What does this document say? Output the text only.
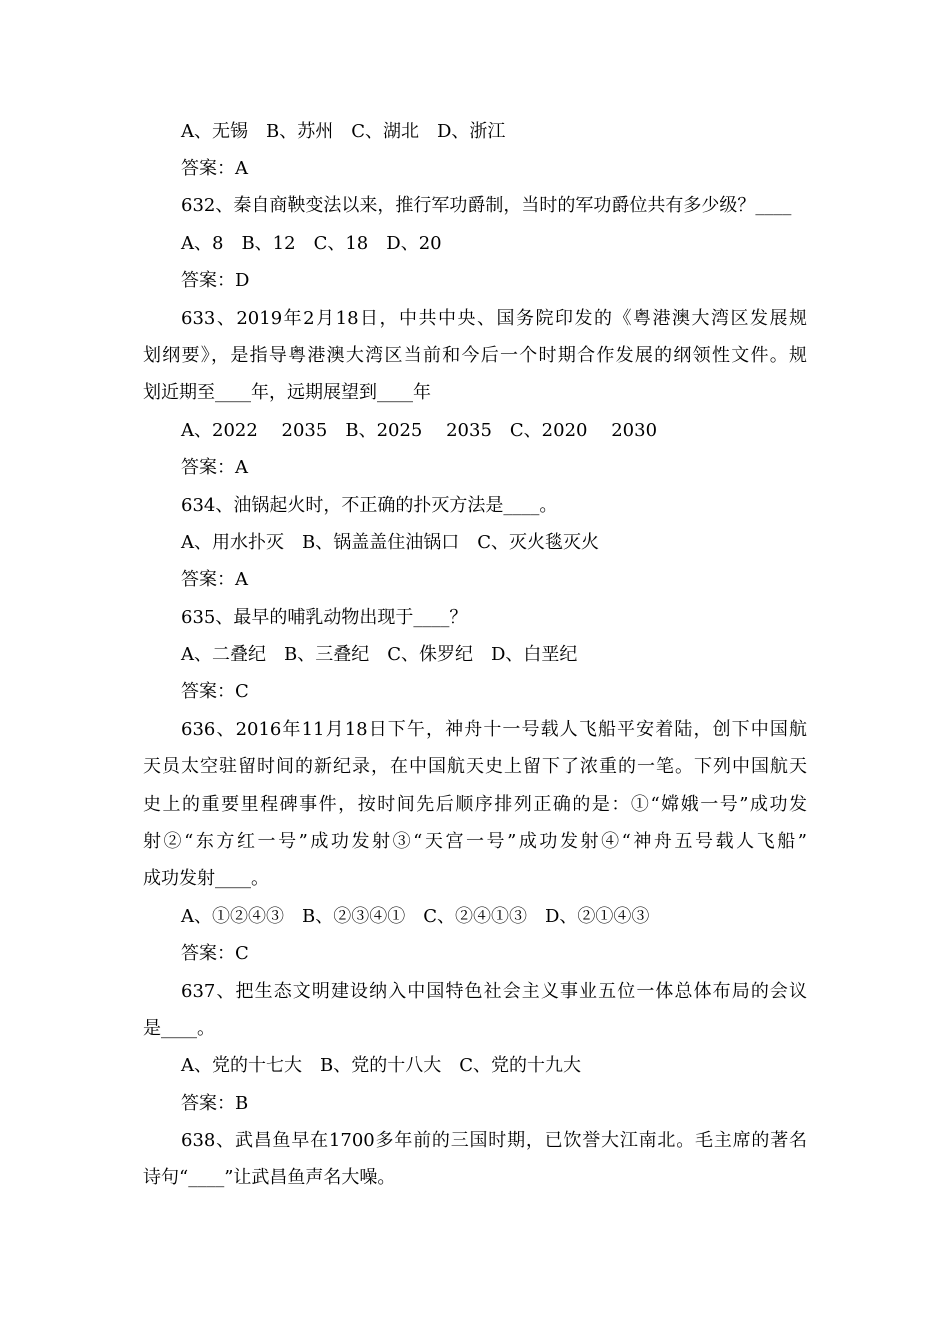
A、无锡　B、苏州　C、湖北　D、浙江
答案：A
632、秦自商鞅变法以来，推行军功爵制，当时的军功爵位共有多少级？____
A、8　B、12　C、18　D、20
答案：D
633、2019年2月18日，中共中央、国务院印发的《粤港澳大湾区发展规
划纲要》，是指导粤港澳大湾区当前和今后一个时期合作发展的纲领性文件。规
划近期至____年，远期展望到____年
A、2022　 2035　B、2025　 2035　C、2020　 2030
答案：A
634、油锅起火时，不正确的扑灭方法是____。
A、用水扑灭　B、锅盖盖住油锅口　C、灭火毯灭火
答案：A
635、最早的哺乳动物出现于____？
A、二叠纪　B、三叠纪　C、侏罗纪　D、白垩纪
答案：C
636、2016年11月18日下午，神舟十一号载人飞船平安着陆，创下中国航
天员太空驻留时间的新纪录，在中国航天史上留下了浓重的一笔。下列中国航天
史上的重要里程碑事件，按时间先后顺序排列正确的是：①“嫦娥一号”成功发
射②“东方红一号”成功发射③“天宫一号”成功发射④“神舟五号载人飞船”
成功发射____。
A、①②④③　B、②③④①　C、②④①③　D、②①④③
答案：C
637、把生态文明建设纳入中国特色社会主义事业五位一体总体布局的会议
是____。
A、党的十七大　B、党的十八大　C、党的十九大
答案：B
638、武昌鱼早在1700多年前的三国时期，已饮誉大江南北。毛主席的著名
诗句“____”让武昌鱼声名大噪。
